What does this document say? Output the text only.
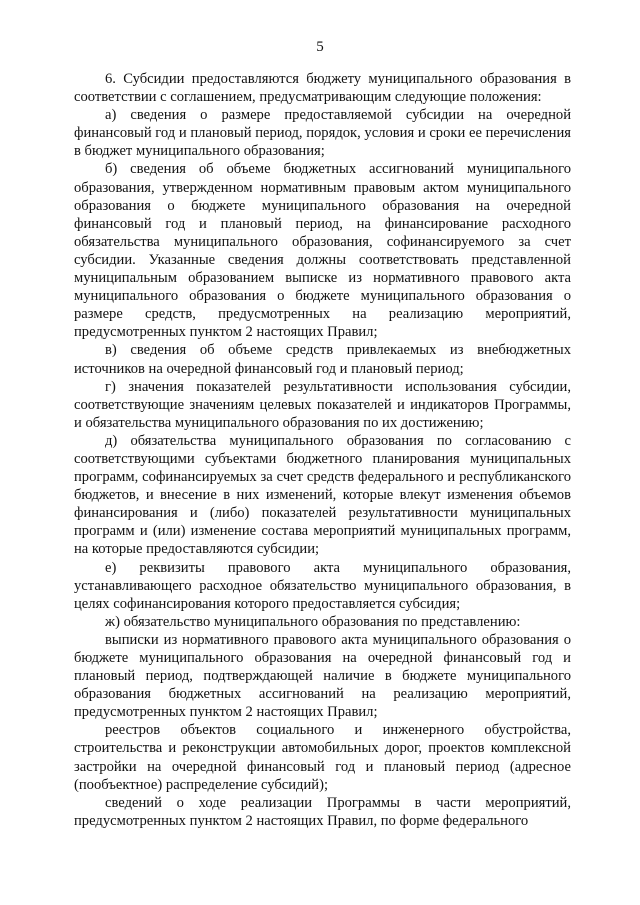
5

6. Субсидии предоставляются бюджету муниципального образования в соответствии с соглашением, предусматривающим следующие положения:

а) сведения о размере предоставляемой субсидии на очередной финансовый год и плановый период, порядок, условия и сроки ее перечисления в бюджет муниципального образования;

б) сведения об объеме бюджетных ассигнований муниципального образования, утвержденном нормативным правовым актом муниципального образования о бюджете муниципального образования на очередной финансовый год и плановый период, на финансирование расходного обязательства муниципального образования, софинансируемого за счет субсидии. Указанные сведения должны соответствовать представленной муниципальным образованием выписке из нормативного правового акта муниципального образования о бюджете муниципального образования о размере средств, предусмотренных на реализацию мероприятий, предусмотренных пунктом 2 настоящих Правил;

в) сведения об объеме средств привлекаемых из внебюджетных источников на очередной финансовый год и плановый период;

г) значения показателей результативности использования субсидии, соответствующие значениям целевых показателей и индикаторов Программы, и обязательства муниципального образования по их достижению;

д) обязательства муниципального образования по согласованию с соответствующими субъектами бюджетного планирования муниципальных программ, софинансируемых за счет средств федерального и республиканского бюджетов, и внесение в них изменений, которые влекут изменения объемов финансирования и (либо) показателей результативности муниципальных программ и (или) изменение состава мероприятий муниципальных программ, на которые предоставляются субсидии;

е) реквизиты правового акта муниципального образования, устанавливающего расходное обязательство муниципального образования, в целях софинансирования которого предоставляется субсидия;

ж) обязательство муниципального образования по представлению:

выписки из нормативного правового акта муниципального образования о бюджете муниципального образования на очередной финансовый год и плановый период, подтверждающей наличие в бюджете муниципального образования бюджетных ассигнований на реализацию мероприятий, предусмотренных пунктом 2 настоящих Правил;

реестров объектов социального и инженерного обустройства, строительства и реконструкции автомобильных дорог, проектов комплексной застройки на очередной финансовый год и плановый период (адресное (пообъектное) распределение субсидий);

сведений о ходе реализации Программы в части мероприятий, предусмотренных пунктом 2 настоящих Правил, по форме федерального
